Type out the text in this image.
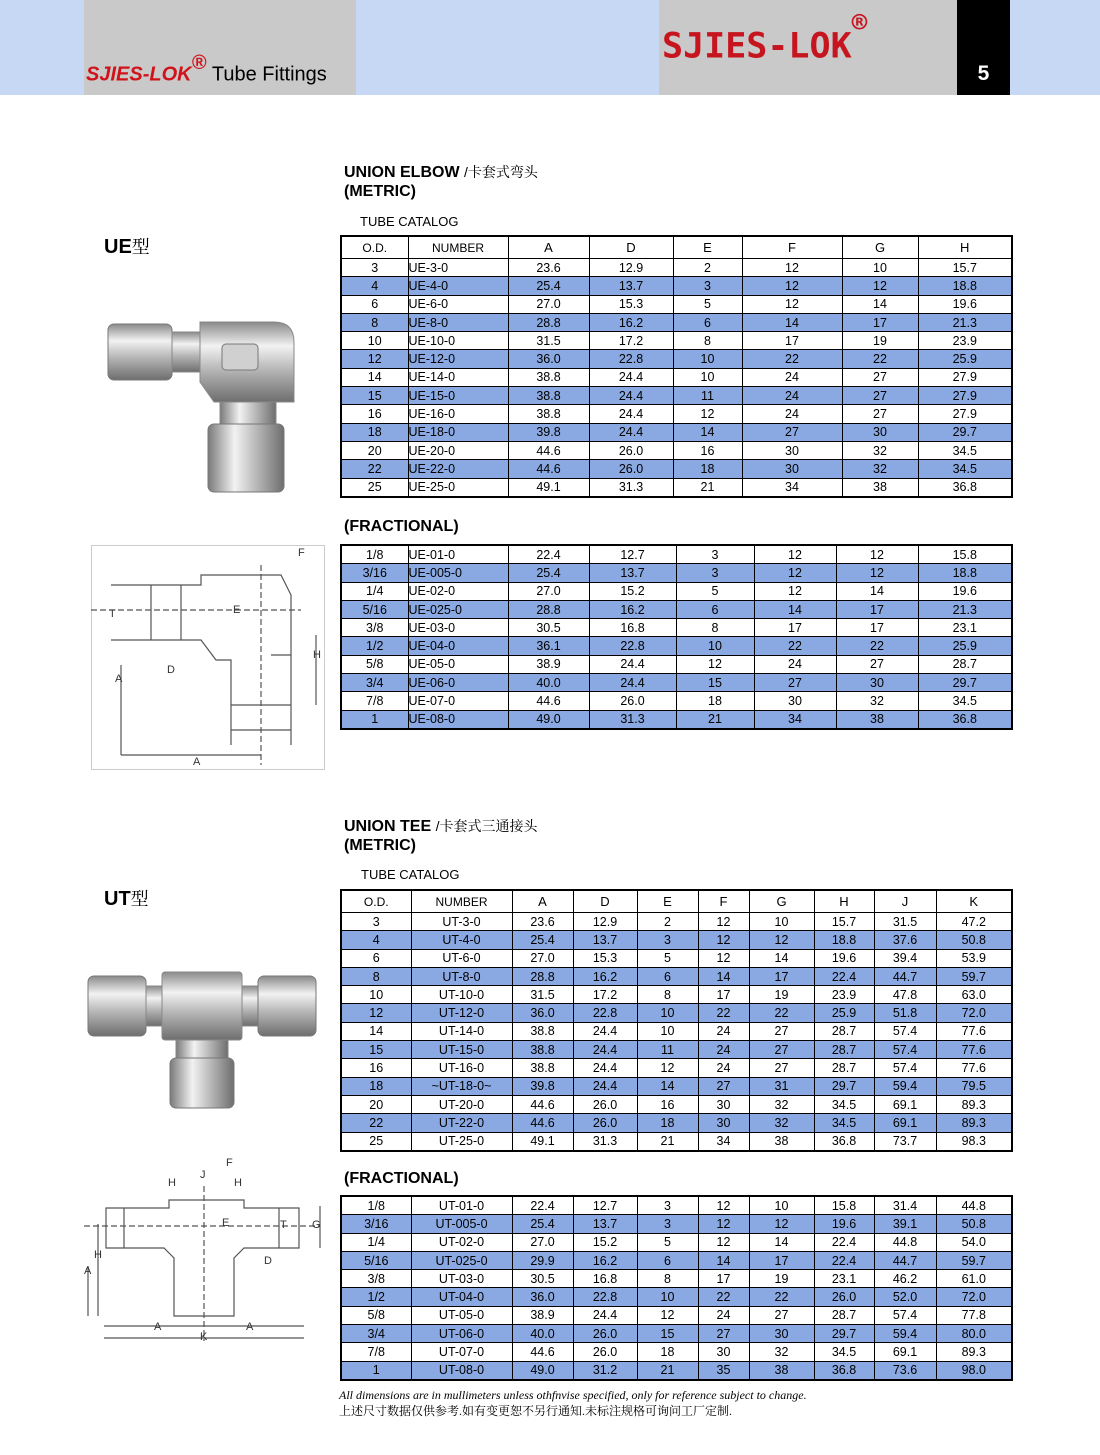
SJIES-LOK® Tube Fittings
SJIES-LOK®
5
UNION ELBOW /卡套式弯头
(METRIC)
TUBE CATALOG
UE型	O.D.	NUMBER	A	D	E	F	G	H
3	UE-3-0	23.6	12.9	2	12	10	15.7
4	UE-4-0	25.4	13.7	3	12	12	18.8
6	UE-6-0	27.0	15.3	5	12	14	19.6
8	UE-8-0	28.8	16.2	6	14	17	21.3
10	UE-10-0	31.5	17.2	8	17	19	23.9
12	UE-12-0	36.0	22.8	10	22	22	25.9
14	UE-14-0	38.8	24.4	10	24	27	27.9
15	UE-15-0	38.8	24.4	11	24	27	27.9
16	UE-16-0	38.8	24.4	12	24	27	27.9
18	UE-18-0	39.8	24.4	14	27	30	29.7
20	UE-20-0	44.6	26.0	16	30	32	34.5
22	UE-22-0	44.6	26.0	18	30	32	34.5
25	UE-25-0	49.1	31.3	21	34	38	36.8
(FRACTIONAL)
1/8	UE-01-0	22.4	12.7	3	12	12	15.8
3/16	UE-005-0	25.4	13.7	3	12	12	18.8
1/4	UE-02-0	27.0	15.2	5	12	14	19.6
5/16	UE-025-0	28.8	16.2	6	14	17	21.3
3/8	UE-03-0	30.5	16.8	8	17	17	23.1
1/2	UE-04-0	36.1	22.8	10	22	22	25.9
5/8	UE-05-0	38.9	24.4	12	24	27	28.7
3/4	UE-06-0	40.0	24.4	15	27	30	29.7
7/8	UE-07-0	44.6	26.0	18	30	32	34.5
1	UE-08-0	49.0	31.3	21	34	38	36.8
F
T	E
D
A
H
A
UNION TEE /卡套式三通接头
(METRIC)
TUBE CATALOG
UT型	O.D.	NUMBER	A	D	E	F	G	H	J	K
3	UT-3-0	23.6	12.9	2	12	10	15.7	31.5	47.2
4	UT-4-0	25.4	13.7	3	12	12	18.8	37.6	50.8
6	UT-6-0	27.0	15.3	5	12	14	19.6	39.4	53.9
8	UT-8-0	28.8	16.2	6	14	17	22.4	44.7	59.7
10	UT-10-0	31.5	17.2	8	17	19	23.9	47.8	63.0
12	UT-12-0	36.0	22.8	10	22	22	25.9	51.8	72.0
14	UT-14-0	38.8	24.4	10	24	27	28.7	57.4	77.6
15	UT-15-0	38.8	24.4	11	24	27	28.7	57.4	77.6
16	UT-16-0	38.8	24.4	12	24	27	28.7	57.4	77.6
18	~UT-18-0~	39.8	24.4	14	27	31	29.7	59.4	79.5
20	UT-20-0	44.6	26.0	16	30	32	34.5	69.1	89.3
22	UT-22-0	44.6	26.0	18	30	32	34.5	69.1	89.3
25	UT-25-0	49.1	31.3	21	34	38	36.8	73.7	98.3
(FRACTIONAL)
1/8	UT-01-0	22.4	12.7	3	12	10	15.8	31.4	44.8
3/16	UT-005-0	25.4	13.7	3	12	12	19.6	39.1	50.8
1/4	UT-02-0	27.0	15.2	5	12	14	22.4	44.8	54.0
5/16	UT-025-0	29.9	16.2	6	14	17	22.4	44.7	59.7
3/8	UT-03-0	30.5	16.8	8	17	19	23.1	46.2	61.0
1/2	UT-04-0	36.0	22.8	10	22	22	26.0	52.0	72.0
5/8	UT-05-0	38.9	24.4	12	24	27	28.7	57.4	77.8
3/4	UT-06-0	40.0	26.0	15	27	30	29.7	59.4	80.0
7/8	UT-07-0	44.6	26.0	18	30	32	34.5	69.1	89.3
1	UT-08-0	49.0	31.2	21	35	38	36.8	73.6	98.0
F
H
J
H
T G
E
D
H
A
A	A
K
All dimensions are in mullimeters unless othfnvise specified, only for reference subject to change.
上述尺寸数据仅供参考.如有变更恕不另行通知.未标注规格可询问工厂定制.
